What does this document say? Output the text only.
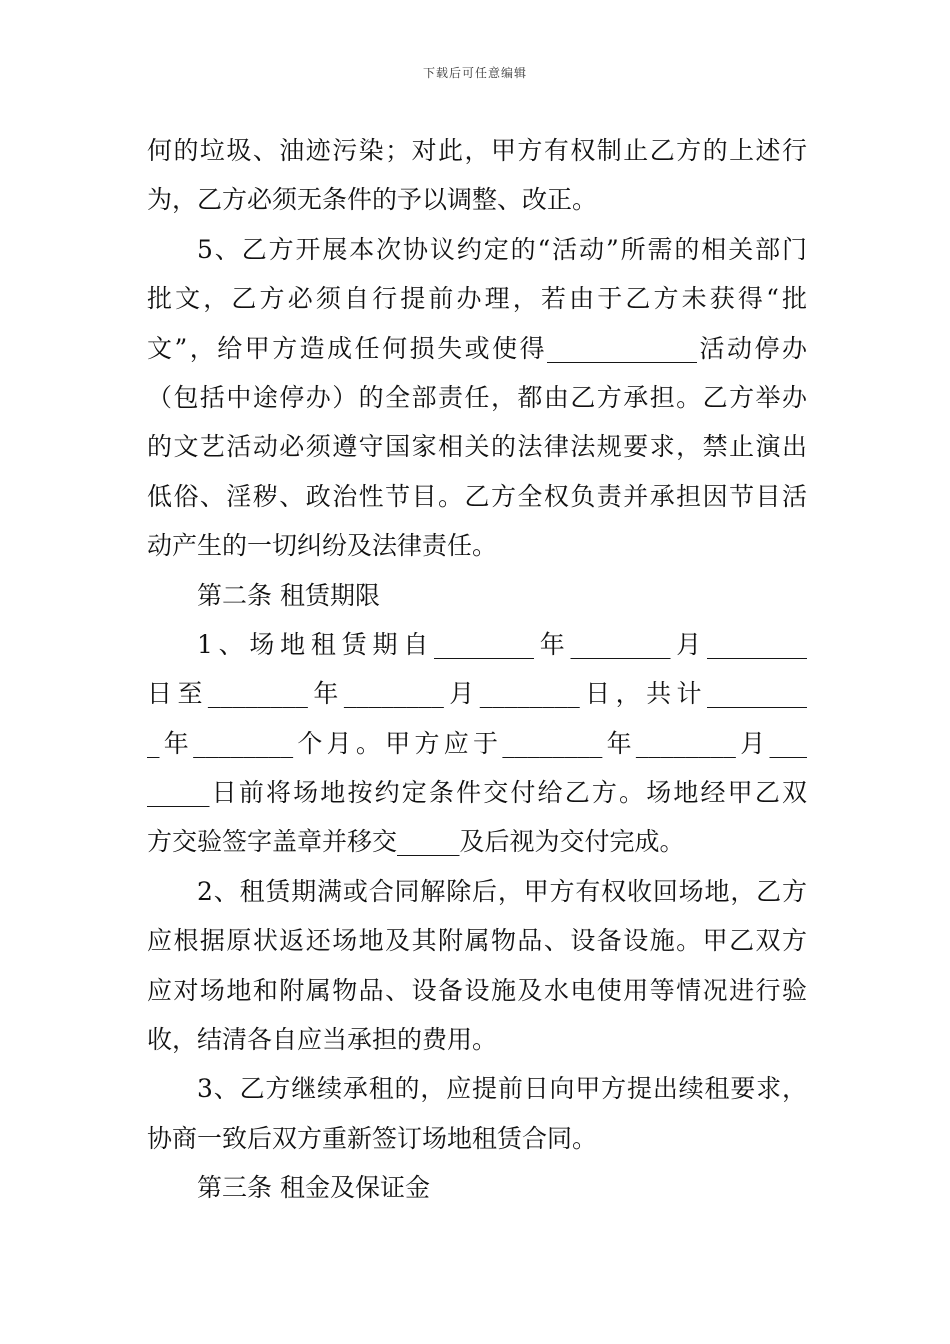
下载后可任意编辑
何的垃圾、油迹污染；对此，甲方有权制止乙方的上述行
为，乙方必须无条件的予以调整、改正。
5、乙方开展本次协议约定的“活动”所需的相关部门
批文，乙方必须自行提前办理，若由于乙方未获得“批
文”，给甲方造成任何损失或使得____________活动停办
（包括中途停办）的全部责任，都由乙方承担。乙方举办
的文艺活动必须遵守国家相关的法律法规要求，禁止演出
低俗、淫秽、政治性节目。乙方全权负责并承担因节目活
动产生的一切纠纷及法律责任。
第二条 租赁期限
1、场地租赁期自________年________月________
日至________年________月________日，共计________
_年________个月。甲方应于________年________月___
_____日前将场地按约定条件交付给乙方。场地经甲乙双
方交验签字盖章并移交_____及后视为交付完成。
2、租赁期满或合同解除后，甲方有权收回场地，乙方
应根据原状返还场地及其附属物品、设备设施。甲乙双方
应对场地和附属物品、设备设施及水电使用等情况进行验
收，结清各自应当承担的费用。
3、乙方继续承租的，应提前日向甲方提出续租要求，
协商一致后双方重新签订场地租赁合同。
第三条 租金及保证金
